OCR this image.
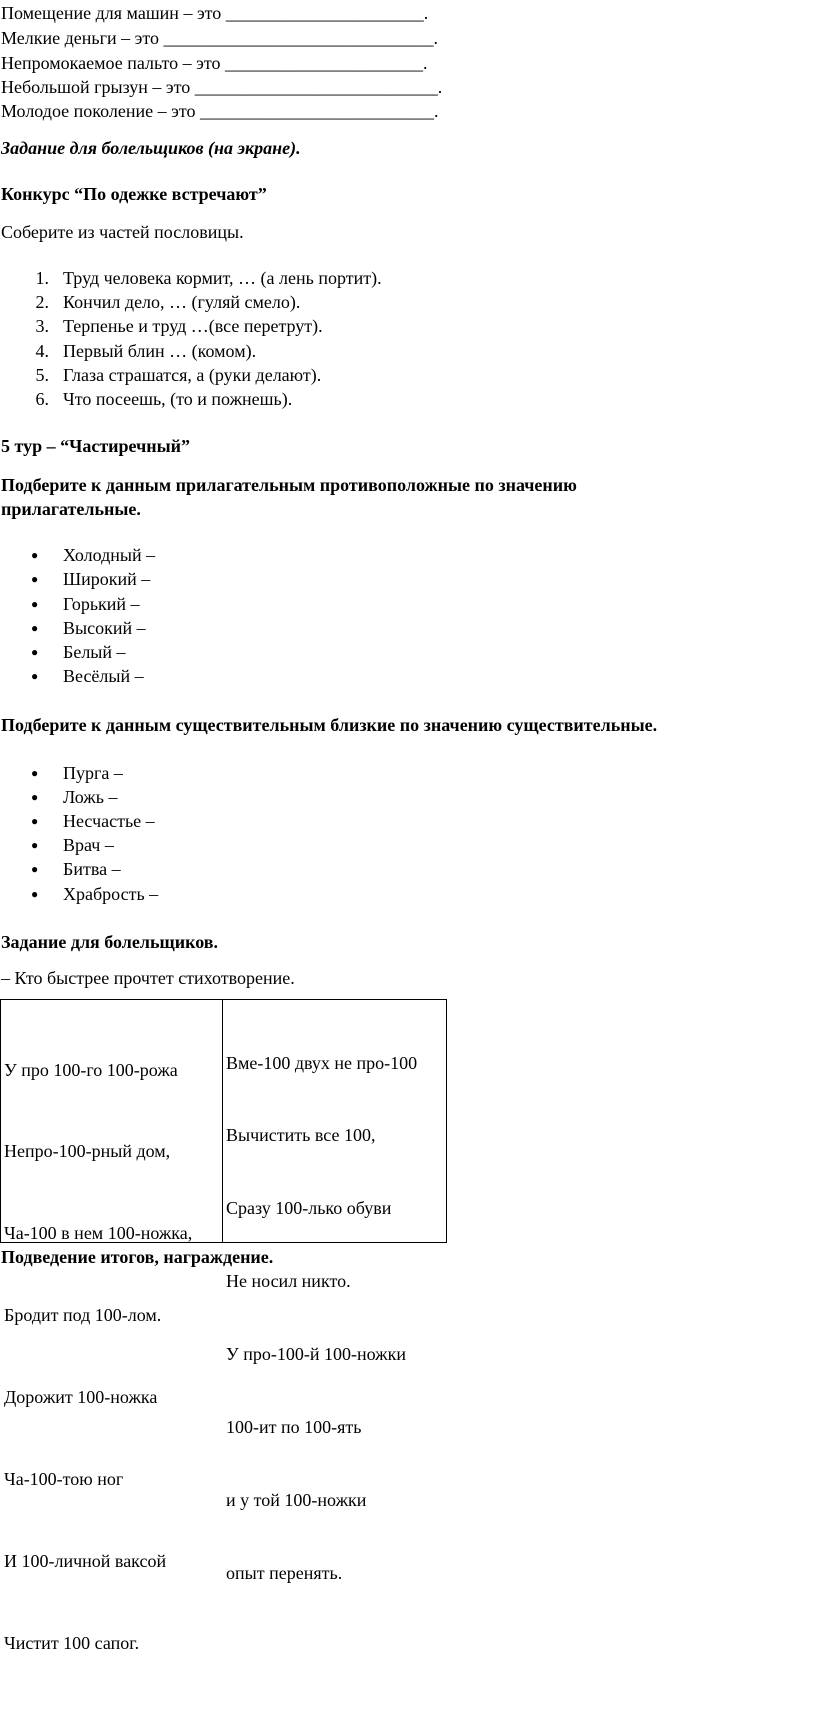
Помещение для машин – это ______________________.
Мелкие деньги – это ______________________________.
Непромокаемое пальто – это ______________________.
Небольшой грызун – это ___________________________.
Молодое поколение – это __________________________.
Задание для болельщиков (на экране).
Конкурс “По одежке встречают”
Соберите из частей пословицы.
1. Труд человека кормит, … (а лень портит).
2. Кончил дело, … (гуляй смело).
3. Терпенье и труд …(все перетрут).
4. Первый блин … (комом).
5. Глаза страшатся, а (руки делают).
6. Что посеешь, (то и пожнешь).
5 тур – “Частиречный”
Подберите к данным прилагательным противоположные по значению
прилагательные.
● Холодный –
● Широкий –
● Горький –
● Высокий –
● Белый –
● Весёлый –
Подберите к данным существительным близкие по значению существительные.
● Пурга –
● Ложь –
● Несчастье –
● Врач –
● Битва –
● Храбрость –
Задание для болельщиков.
– Кто быстрее прочтет стихотворение.

У про 100-го 100-рожа

Непро-100-рный дом,

Ча-100 в нем 100-ножка,

Бродит под 100-лом.

Дорожит 100-ножка

Ча-100-тою ног

И 100-личной ваксой

Чистит 100 сапог.

Вме-100 двух не про-100

Вычистить все 100,

Сразу 100-лько обуви

Не носил никто.

У про-100-й 100-ножки

100-ит по 100-ять

и у той 100-ножки

опыт перенять.

Подведение итогов, награждение.
